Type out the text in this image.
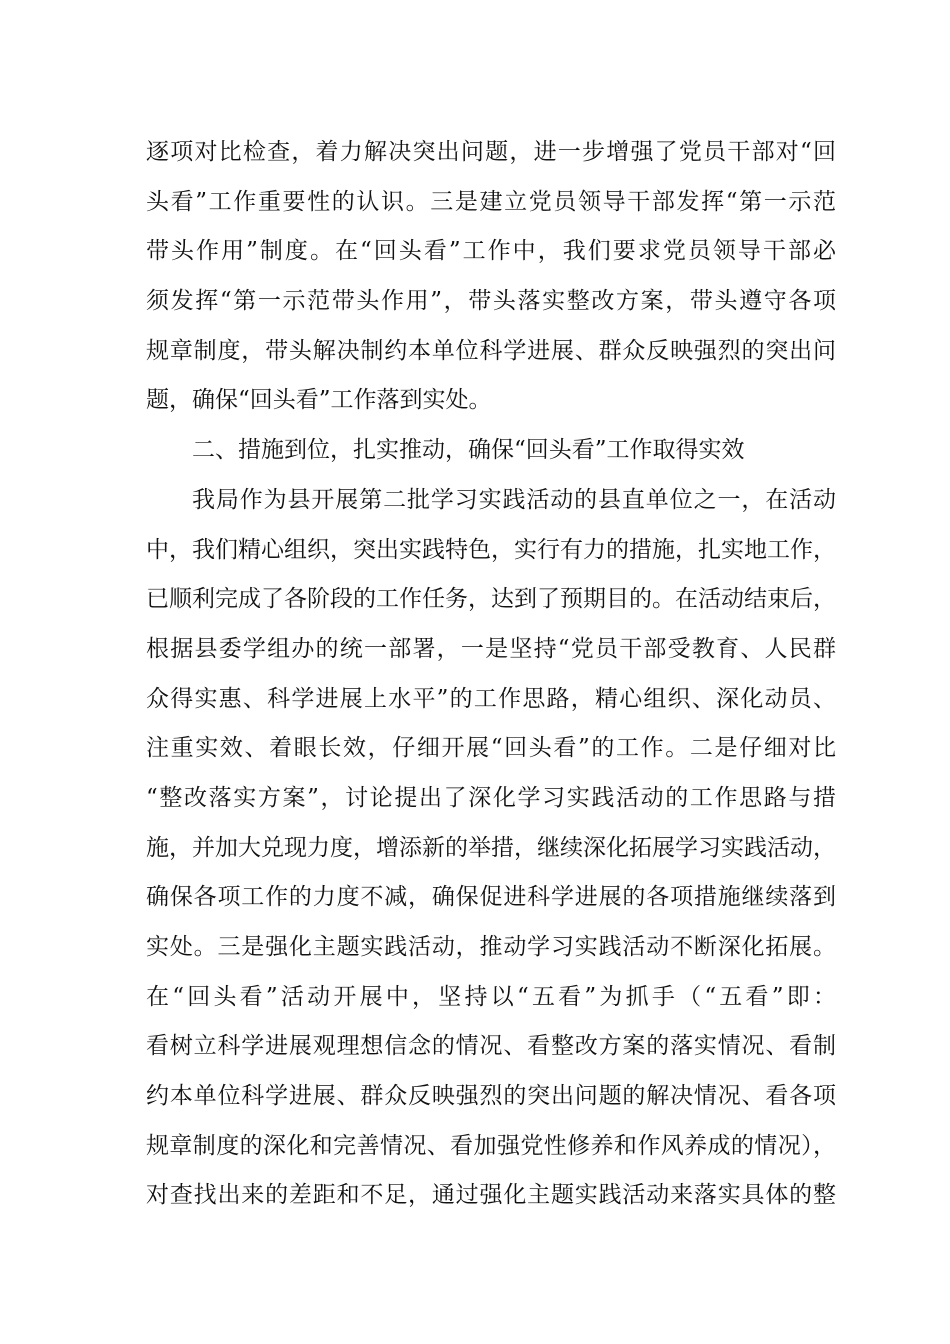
逐项对比检查，着力解决突出问题，进一步增强了党员干部对“回
头看”工作重要性的认识。三是建立党员领导干部发挥“第一示范
带头作用”制度。在“回头看”工作中，我们要求党员领导干部必
须发挥“第一示范带头作用”，带头落实整改方案，带头遵守各项
规章制度，带头解决制约本单位科学进展、群众反映强烈的突出问
题，确保“回头看”工作落到实处。
二、措施到位，扎实推动，确保“回头看”工作取得实效
我局作为县开展第二批学习实践活动的县直单位之一，在活动
中，我们精心组织，突出实践特色，实行有力的措施，扎实地工作，
已顺利完成了各阶段的工作任务，达到了预期目的。在活动结束后，
根据县委学组办的统一部署，一是坚持“党员干部受教育、人民群
众得实惠、科学进展上水平”的工作思路，精心组织、深化动员、
注重实效、着眼长效，仔细开展“回头看”的工作。二是仔细对比
“整改落实方案”，讨论提出了深化学习实践活动的工作思路与措
施，并加大兑现力度，增添新的举措，继续深化拓展学习实践活动，
确保各项工作的力度不减，确保促进科学进展的各项措施继续落到
实处。三是强化主题实践活动，推动学习实践活动不断深化拓展。
在“回头看”活动开展中，坚持以“五看”为抓手（“五看”即：
看树立科学进展观理想信念的情况、看整改方案的落实情况、看制
约本单位科学进展、群众反映强烈的突出问题的解决情况、看各项
规章制度的深化和完善情况、看加强党性修养和作风养成的情况），
对查找出来的差距和不足，通过强化主题实践活动来落实具体的整
